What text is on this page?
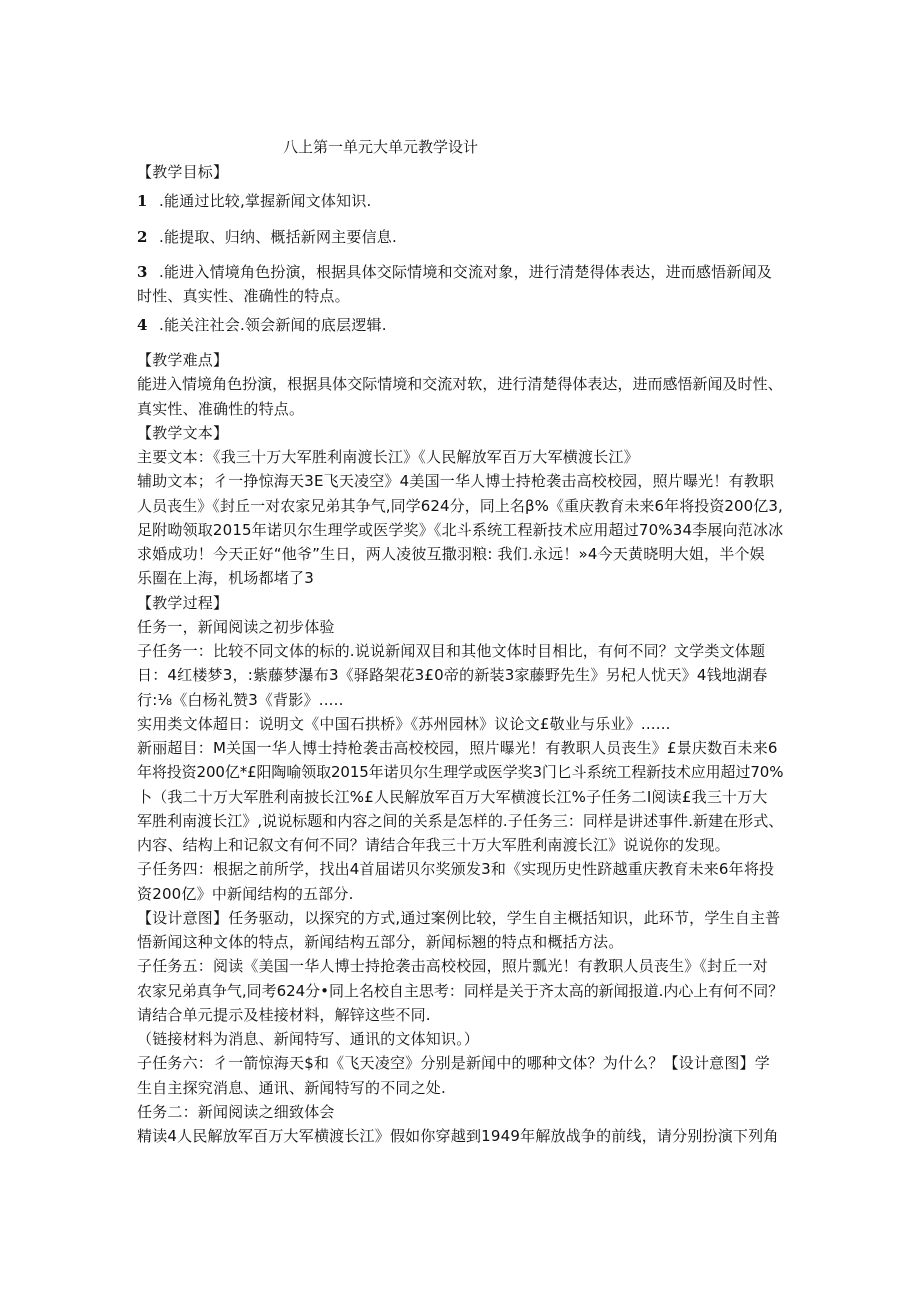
八上第一单元大单元教学设计
【教学目标】
1 .能通过比较,掌握新闻文体知识.
2 .能提取、归纳、概括新网主要信息.
3 .能进入情境角色扮演，根据具体交际情境和交流对象，进行清楚得体表达，进而感悟新闻及
时性、真实性、准确性的特点。
4 .能关注社会.领会新闻的底层逻辑.
【教学难点】
能进入情境角色扮演，根据具体交际情境和交流对软，进行清楚得体表达，进而感悟新闻及时性、
真实性、准确性的特点。
【教学文本】
主要文本：《我三十万大军胜利南渡长江》《人民解放军百万大军横渡长江》
辅助文本；彳一挣惊海天3E飞天凌空》4美国一华人博士持枪袭击高校校园，照片曝光！有教职
人员丧生》《封丘一对农家兄弟其争气,同学624分，同上名β%《重庆教育未来6年将投资200亿3,
足附呦领取2015年诺贝尔生理学或医学奖》《北斗系统工程新技术应用超过70%34李展向范冰冰
求婚成功！今天正好“他爷”生日，两人凌彼互撒羽粮: 我们.永远！»4今天黄晓明大姐，半个娱
乐圈在上海，机场都堵了3
【教学过程】
任务一，新闻阅读之初步体验
子任务一：比较不同文体的标的.说说新闻双目和其他文体时目相比，有何不同？文学类文体题
日：4红楼梦3，:紫藤梦瀑布3《驿路架花3£0帝的新装3家藤野先生》另杞人忧天》4钱地湖春
行:⅛《白杨礼赞3《背影》.....
实用类文体超日：说明文《中国石拱桥》《苏州园林》议论文£敬业与乐业》......
新丽超目：M关国一华人博士持枪袭击高校校园，照片曝光！有教职人员丧生》£景庆数百未来6
年将投资200亿*£阳陶喻领取2015年诺贝尔生理学或医学奖3门匕斗系统工程新技术应用超过70%
卜（我二十万大军胜利南披长江%£人民解放军百万大军横渡长江%子任务二I阅读£我三十万大
军胜利南渡长江》,说说标题和内容之间的关系是怎样的.子任务三：同样是讲述事件.新建在形式、
内容、结构上和记叙文有何不同？请结合年我三十万大军胜利南渡长江》说说你的发现。
子任务四：根据之前所学，找出4首届诺贝尔奖颁发3和《实现历史性跻越重庆教育未来6年将投
资200亿》中新闻结构的五部分.
【设计意图】任务驱动，以探究的方式,通过案例比较，学生自主概括知识，此环节，学生自主普
悟新闻这种文体的特点，新闻结构五部分，新闻标翘的特点和概括方法。
子任务五：阅读《美国一华人博士持抢袭击高校校园，照片瓢光！有教职人员丧生》《封丘一对
农家兄弟真争气,同考624分•同上名校自主思考：同样是关于齐太高的新闻报道.内心上有何不同？
请结合单元提示及桂接材料，解锌这些不同.
（链接材料为消息、新闻特写、通讯的文体知识。）
子任务六：彳一箭惊海天$和《飞天凌空》分别是新闻中的哪种文体？为什么？【设计意图】学
生自主探究消息、通讯、新闻特写的不同之处.
任务二：新闻阅读之细致体会
精读4人民解放军百万大军横渡长江》假如你穿越到1949年解放战争的前线，请分别扮演下列角
